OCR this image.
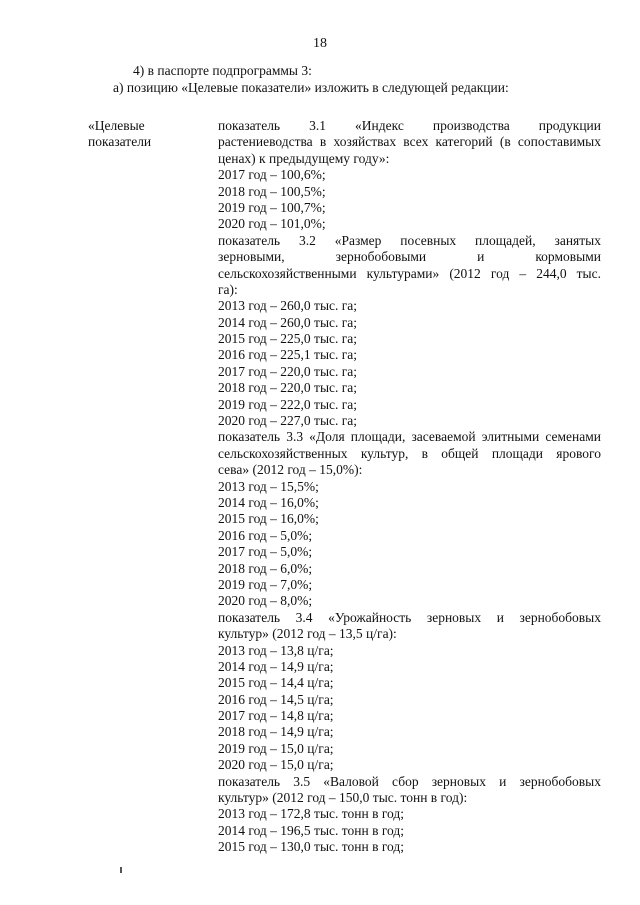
18
4) в паспорте подпрограммы 3:
а) позицию «Целевые показатели» изложить в следующей редакции:
«Целевые
показатели
показатель 3.1 «Индекс производства продукции
растениеводства в хозяйствах всех категорий (в сопоставимых
ценах) к предыдущему году»:
2017 год – 100,6%;
2018 год – 100,5%;
2019 год – 100,7%;
2020 год – 101,0%;
показатель 3.2 «Размер посевных площадей, занятых
зерновыми, зернобобовыми и кормовыми
сельскохозяйственными культурами» (2012 год – 244,0 тыс.
га):
2013 год – 260,0 тыс. га;
2014 год – 260,0 тыс. га;
2015 год – 225,0 тыс. га;
2016 год – 225,1 тыс. га;
2017 год – 220,0 тыс. га;
2018 год – 220,0 тыс. га;
2019 год – 222,0 тыс. га;
2020 год – 227,0 тыс. га;
показатель 3.3 «Доля площади, засеваемой элитными семенами
сельскохозяйственных культур, в общей площади ярового
сева» (2012 год – 15,0%):
2013 год – 15,5%;
2014 год – 16,0%;
2015 год – 16,0%;
2016 год – 5,0%;
2017 год – 5,0%;
2018 год – 6,0%;
2019 год – 7,0%;
2020 год – 8,0%;
показатель 3.4 «Урожайность зерновых и зернобобовых
культур» (2012 год – 13,5 ц/га):
2013 год – 13,8 ц/га;
2014 год – 14,9 ц/га;
2015 год – 14,4 ц/га;
2016 год – 14,5 ц/га;
2017 год – 14,8 ц/га;
2018 год – 14,9 ц/га;
2019 год – 15,0 ц/га;
2020 год – 15,0 ц/га;
показатель 3.5 «Валовой сбор зерновых и зернобобовых
культур» (2012 год – 150,0 тыс. тонн в год):
2013 год – 172,8 тыс. тонн в год;
2014 год – 196,5 тыс. тонн в год;
2015 год – 130,0 тыс. тонн в год;
